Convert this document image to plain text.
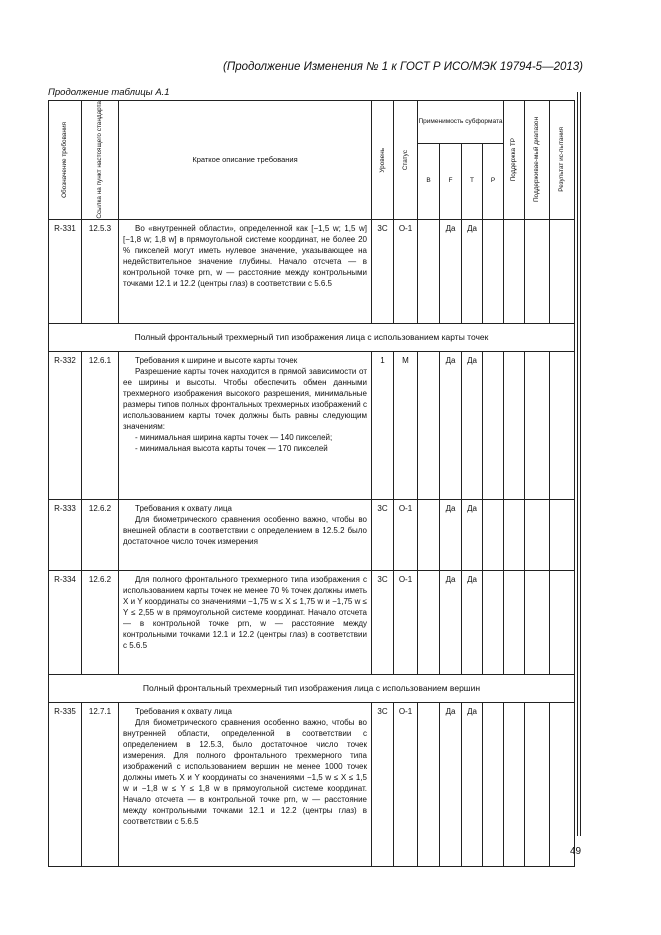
(Продолжение Изменения № 1 к ГОСТ Р ИСО/МЭК 19794-5—2013)
Продолжение таблицы А.1
Обозначение требования	Ссылка на пункт настоящего стандарта	Краткое описание требования	Уровень	Статус	Применимость субформата				Поддержка ТР	Поддерживае-мый диапазон	Результат ис-пытания

					В	F	T	P			
R-331	12.5.3	Во «внутренней области», определенной как [−1,5 w; 1,5 w] [−1,8 w; 1,8 w] в прямоугольной системе координат, не более 20 % пикселей могут иметь нулевое значение, указывающее на недействительное значение глубины. Начало отсчета — в контрольной точке prn, w — расстояние между контрольными точками 12.1 и 12.2 (центры глаз) в соответствии с 5.6.5	3C	О-1		Да	Да				
Полный фронтальный трехмерный тип изображения лица с использованием карты точек											
R-332	12.6.1	Требования к ширине и высоте карты точек

Разрешение карты точек находится в прямой зависимости от ее ширины и высоты. Чтобы обеспечить обмен данными трехмерного изображения высокого разрешения, минимальные размеры типов полных фронтальных трехмерных изображений с использованием карты точек должны быть равны следующим значениям:

- минимальная ширина карты точек — 140 пикселей;

- минимальная высота карты точек — 170 пикселей	1	М		Да	Да				
R-333	12.6.2	Требования к охвату лица

Для биометрического сравнения особенно важно, чтобы во внешней области в соответствии с определением в 12.5.2 было достаточное число точек измерения	3C	О-1		Да	Да				
R-334	12.6.2	Для полного фронтального трехмерного типа изображения с использованием карты точек не менее 70 % точек должны иметь X и Y координаты со значениями −1,75 w ≤ X ≤ 1,75 w и −1,75 w ≤ Y ≤ 2,55 w в прямоугольной системе координат. Начало отсчета — в контрольной точке prn, w — расстояние между контрольными точками 12.1 и 12.2 (центры глаз) в соответствии с 5.6.5	3C	О-1		Да	Да				
Полный фронтальный трехмерный тип изображения лица с использованием вершин											
R-335	12.7.1	Требования к охвату лица

Для биометрического сравнения особенно важно, чтобы во внутренней области, определенной в соответствии с определением в 12.5.3, было достаточное число точек измерения. Для полного фронтального трехмерного типа изображений с использованием вершин не менее 1000 точек должны иметь X и Y координаты со значениями −1,5 w ≤ X ≤ 1,5 w и −1,8 w ≤ Y ≤ 1,8 w в прямоугольной системе координат. Начало отсчета — в контрольной точке prn, w — расстояние между контрольными точками 12.1 и 12.2 (центры глаз) в соответствии с 5.6.5	3C	О-1		Да	Да				
49
